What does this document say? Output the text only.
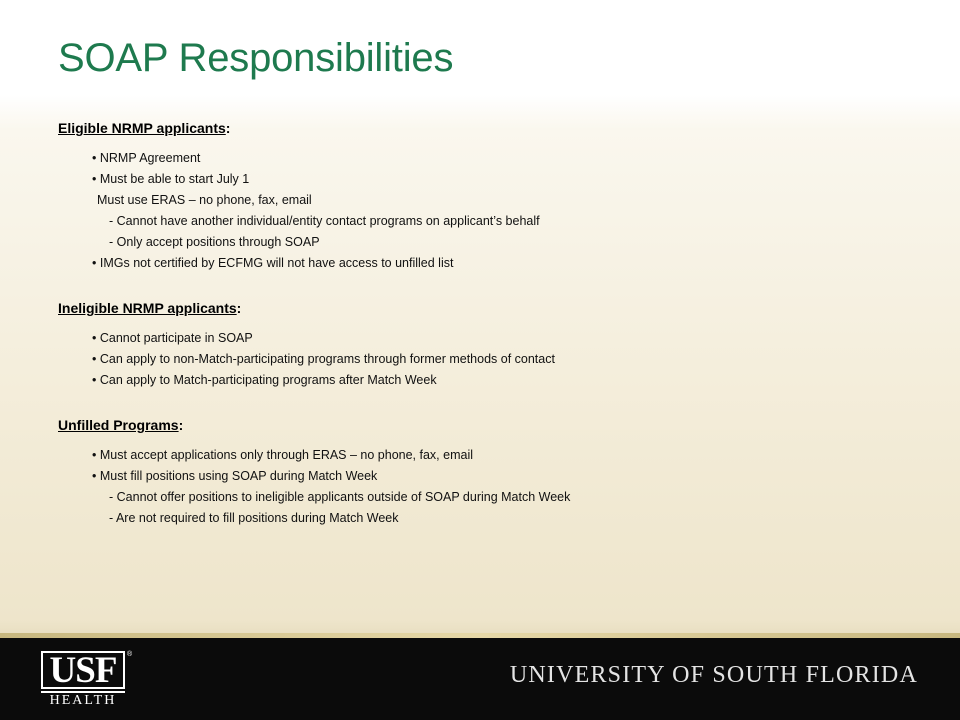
SOAP Responsibilities
Eligible NRMP applicants:
• NRMP Agreement
• Must be able to start July 1
Must use ERAS – no phone, fax, email
- Cannot have another individual/entity contact programs on applicant’s behalf
- Only accept positions through SOAP
• IMGs not certified by ECFMG will not have access to unfilled list
Ineligible NRMP applicants:
• Cannot participate in SOAP
• Can apply to non-Match-participating programs through former methods of contact
• Can apply to Match-participating programs after Match Week
Unfilled Programs:
• Must accept applications only through ERAS – no phone, fax, email
• Must fill positions using SOAP during Match Week
- Cannot offer positions to ineligible applicants outside of SOAP during Match Week
- Are not required to fill positions during Match Week
USF	®
HEALTH
UNIVERSITY OF SOUTH FLORIDA
